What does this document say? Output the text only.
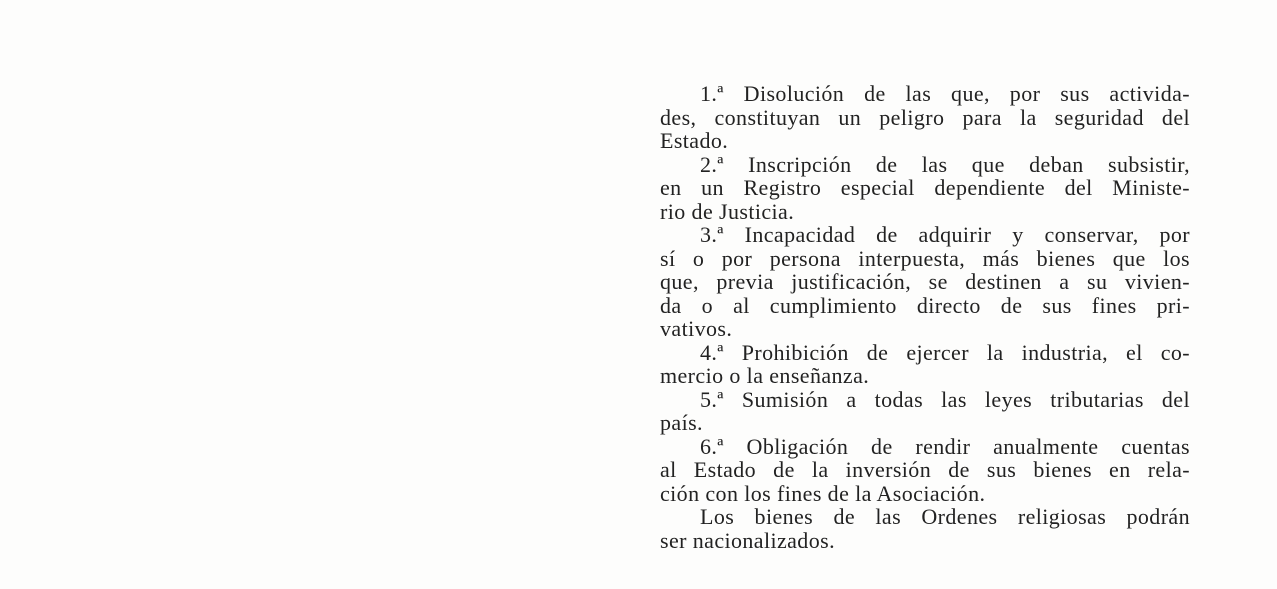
1.ª Disolución de las que, por sus activida-
des, constituyan un peligro para la seguridad del
Estado.

2.ª Inscripción de las que deban subsistir,
en un Registro especial dependiente del Ministe-
rio de Justicia.

3.ª Incapacidad de adquirir y conservar, por
sí o por persona interpuesta, más bienes que los
que, previa justificación, se destinen a su vivien-
da o al cumplimiento directo de sus fines pri-
vativos.

4.ª Prohibición de ejercer la industria, el co-
mercio o la enseñanza.

5.ª Sumisión a todas las leyes tributarias del
país.

6.ª Obligación de rendir anualmente cuentas
al Estado de la inversión de sus bienes en rela-
ción con los fines de la Asociación.

Los bienes de las Ordenes religiosas podrán
ser nacionalizados.
